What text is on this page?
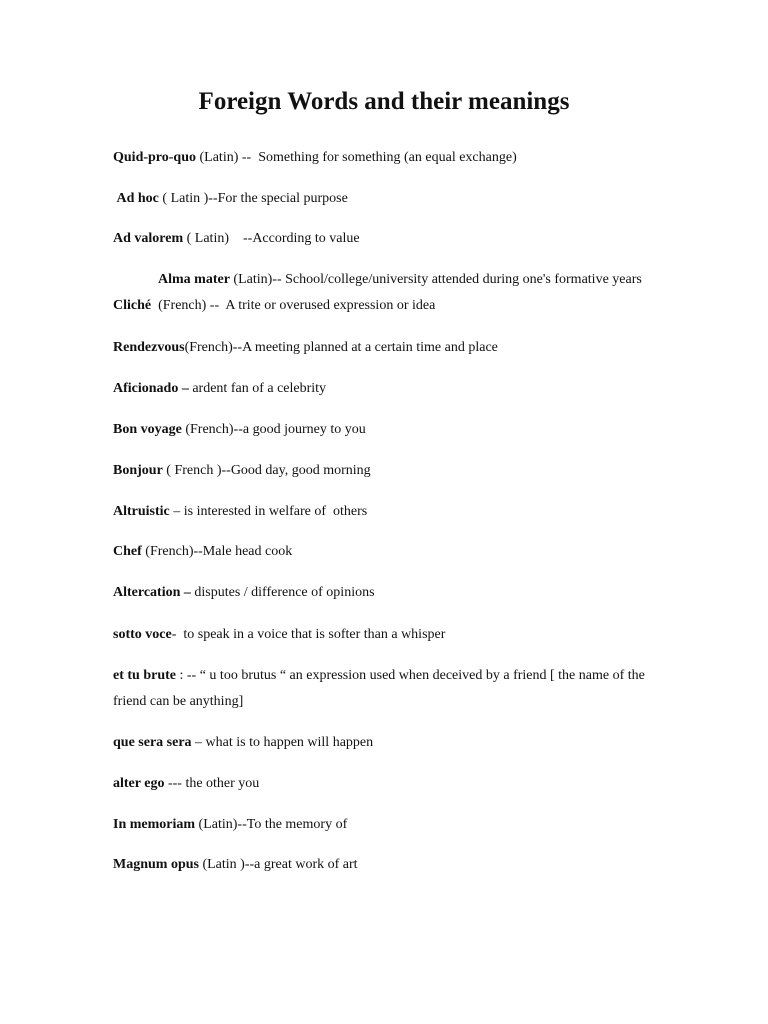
Foreign Words and their meanings

Quid-pro-quo (Latin) --  Something for something (an equal exchange)

Ad hoc ( Latin )--For the special purpose

Ad valorem ( Latin)    --According to value

Alma mater (Latin)-- School/college/university attended during one's formative years Cliché  (French) --  A trite or overused expression or idea

Rendezvous(French)--A meeting planned at a certain time and place

Aficionado – ardent fan of a celebrity

Bon voyage (French)--a good journey to you

Bonjour ( French )--Good day, good morning

Altruistic – is interested in welfare of  others

Chef (French)--Male head cook

Altercation – disputes / difference of opinions

sotto voce-  to speak in a voice that is softer than a whisper

et tu brute : -- “ u too brutus “ an expression used when deceived by a friend [ the name of the friend can be anything]

que sera sera – what is to happen will happen

alter ego --- the other you

In memoriam (Latin)--To the memory of

Magnum opus (Latin )--a great work of art
